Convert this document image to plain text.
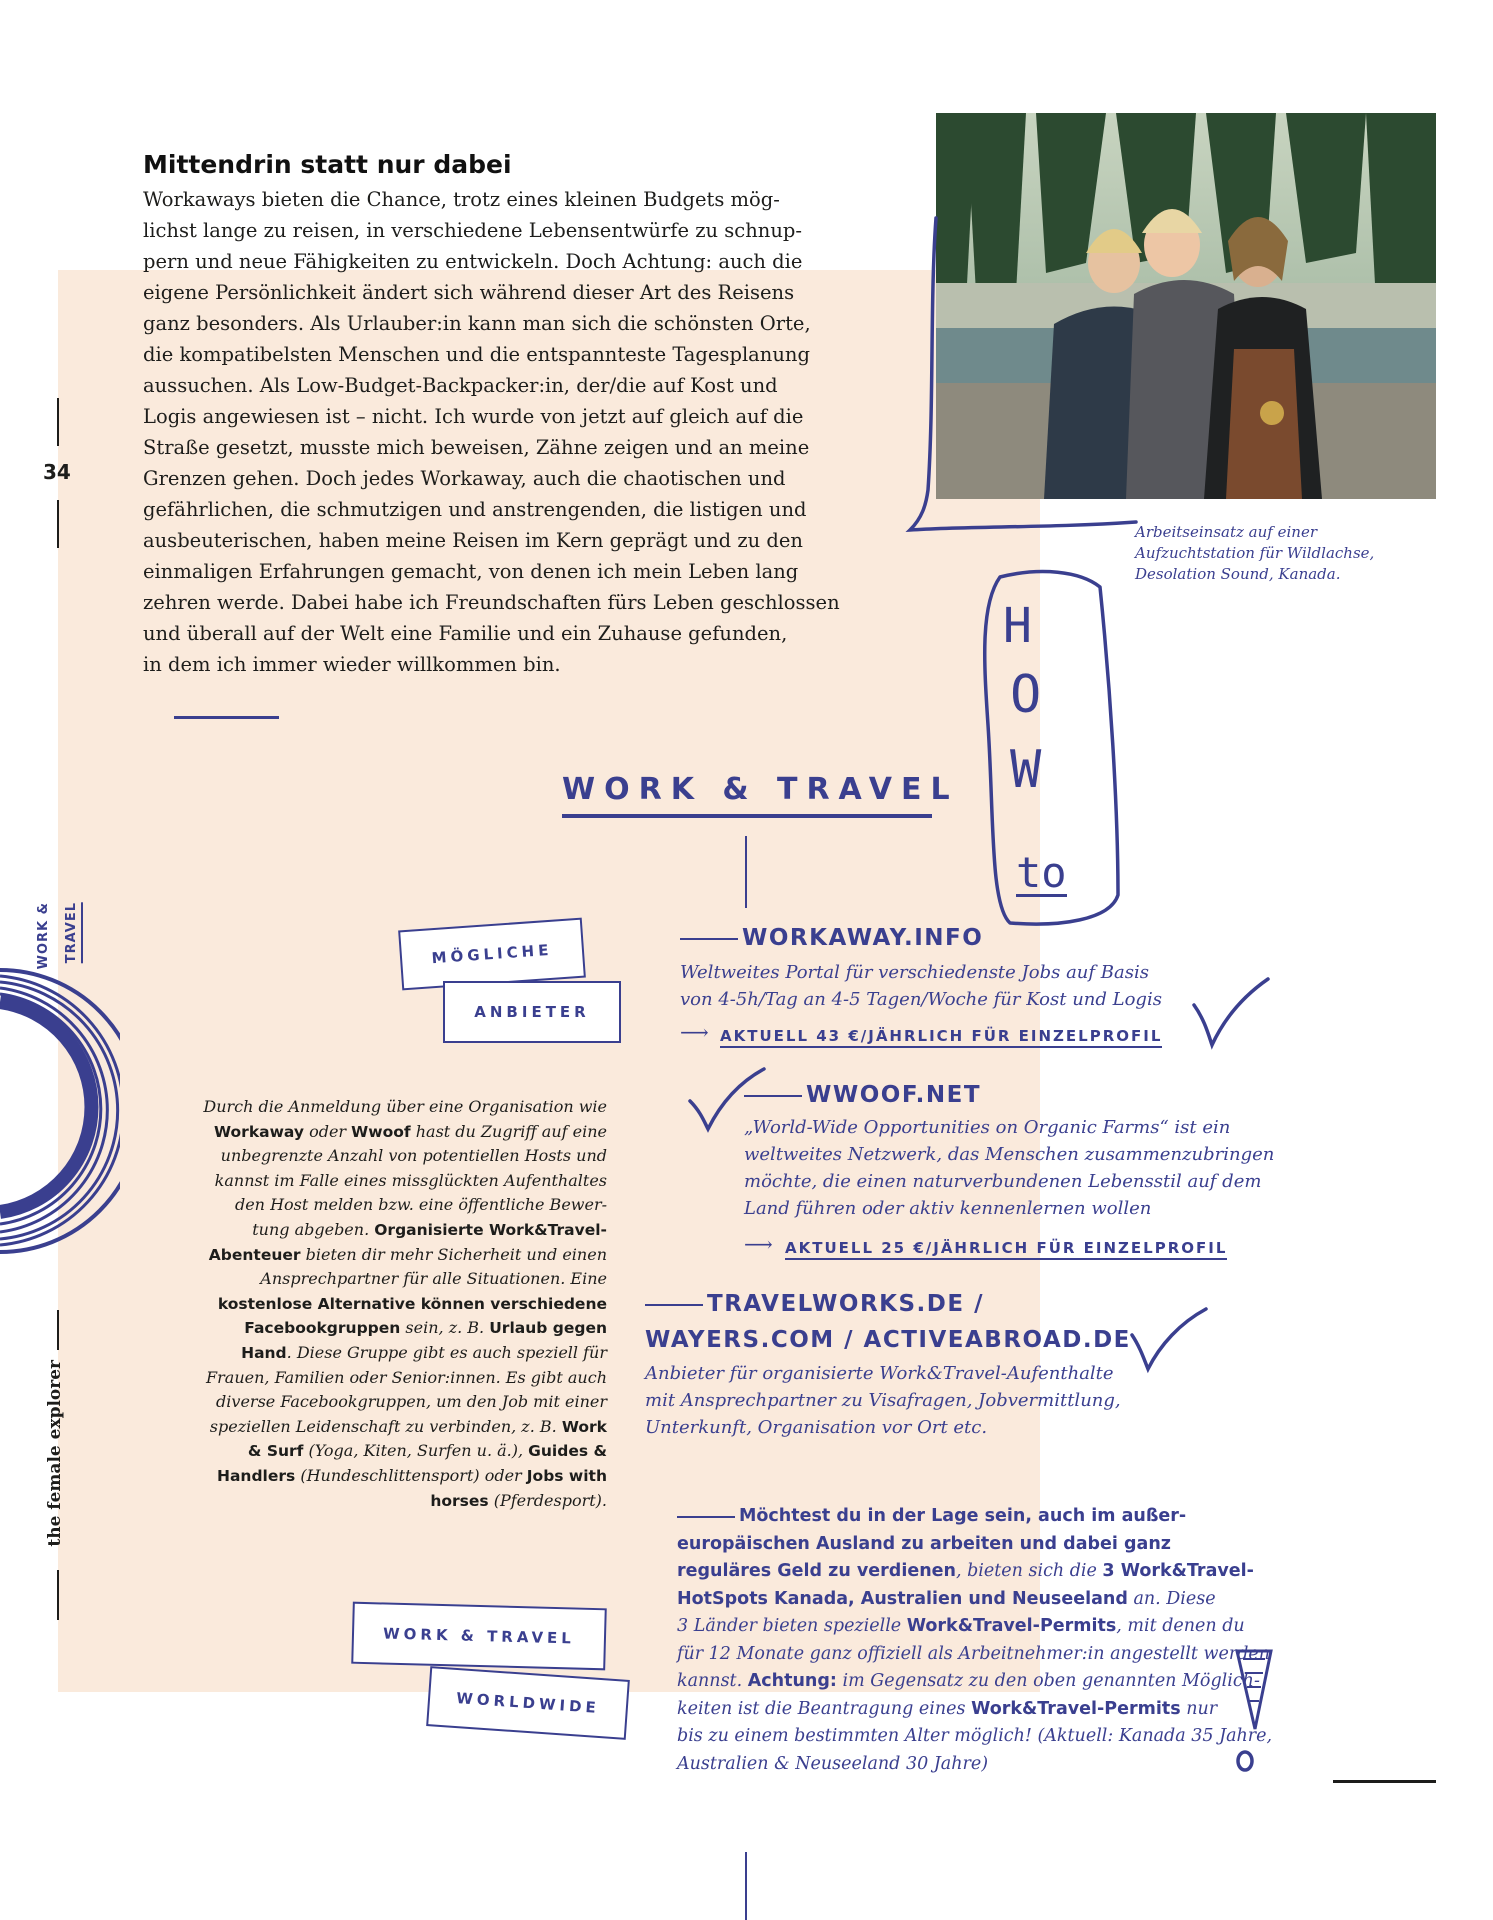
34
WORK & TRAVEL
the female explorer
Mittendrin statt nur dabei
Workaways bieten die Chance, trotz eines kleinen Budgets mög-
lichst lange zu reisen, in verschiedene Lebensentwürfe zu schnup-
pern und neue Fähigkeiten zu entwickeln. Doch Achtung: auch die
eigene Persönlichkeit ändert sich während dieser Art des Reisens
ganz besonders. Als Urlauber:in kann man sich die schönsten Orte,
die kompatibelsten Menschen und die entspannteste Tagesplanung
aussuchen. Als Low-Budget-Backpacker:in, der/die auf Kost und
Logis angewiesen ist – nicht. Ich wurde von jetzt auf gleich auf die
Straße gesetzt, musste mich beweisen, Zähne zeigen und an meine
Grenzen gehen. Doch jedes Workaway, auch die chaotischen und
gefährlichen, die schmutzigen und anstrengenden, die listigen und
ausbeuterischen, haben meine Reisen im Kern geprägt und zu den
einmaligen Erfahrungen gemacht, von denen ich mein Leben lang
zehren werde. Dabei habe ich Freundschaften fürs Leben geschlossen
und überall auf der Welt eine Familie und ein Zuhause gefunden,
in dem ich immer wieder willkommen bin.
Arbeitseinsatz auf einer
Aufzuchtstation für Wildlachse,
Desolation Sound, Kanada.
H
O
W
to
WORK & TRAVEL
MÖGLICHE
ANBIETER
WORKAWAY.INFO
Weltweites Portal für verschiedenste Jobs auf Basis
von 4-5h/Tag an 4-5 Tagen/Woche für Kost und Logis
⟶ AKTUELL 43 €/JÄHRLICH FÜR EINZELPROFIL
WWOOF.NET
„World-Wide Opportunities on Organic Farms“ ist ein
weltweites Netzwerk, das Menschen zusammenzubringen
möchte, die einen naturverbundenen Lebensstil auf dem
Land führen oder aktiv kennenlernen wollen
⟶ AKTUELL 25 €/JÄHRLICH FÜR EINZELPROFIL
TRAVELWORKS.DE /
WAYERS.COM / ACTIVEABROAD.DE
Anbieter für organisierte Work&Travel-Aufenthalte
mit Ansprechpartner zu Visafragen, Jobvermittlung,
Unterkunft, Organisation vor Ort etc.
Durch die Anmeldung über eine Organisation wie
Workaway oder Wwoof hast du Zugriff auf eine
unbegrenzte Anzahl von potentiellen Hosts und
kannst im Falle eines missglückten Aufenthaltes
den Host melden bzw. eine öffentliche Bewer-
tung abgeben. Organisierte Work&Travel-
Abenteuer bieten dir mehr Sicherheit und einen
Ansprechpartner für alle Situationen. Eine
kostenlose Alternative können verschiedene
Facebookgruppen sein, z. B. Urlaub gegen
Hand. Diese Gruppe gibt es auch speziell für
Frauen, Familien oder Senior:innen. Es gibt auch
diverse Facebookgruppen, um den Job mit einer
speziellen Leidenschaft zu verbinden, z. B. Work
& Surf (Yoga, Kiten, Surfen u. ä.), Guides &
Handlers (Hundeschlittensport) oder Jobs with
horses (Pferdesport).
WORK & TRAVEL
WORLDWIDE
Möchtest du in der Lage sein, auch im außer-
europäischen Ausland zu arbeiten und dabei ganz
reguläres Geld zu verdienen, bieten sich die 3 Work&Travel-
HotSpots Kanada, Australien und Neuseeland an. Diese
3 Länder bieten spezielle Work&Travel-Permits, mit denen du
für 12 Monate ganz offiziell als Arbeitnehmer:in angestellt werden
kannst. Achtung: im Gegensatz zu den oben genannten Möglich-
keiten ist die Beantragung eines Work&Travel-Permits nur
bis zu einem bestimmten Alter möglich! (Aktuell: Kanada 35 Jahre,
Australien & Neuseeland 30 Jahre)
